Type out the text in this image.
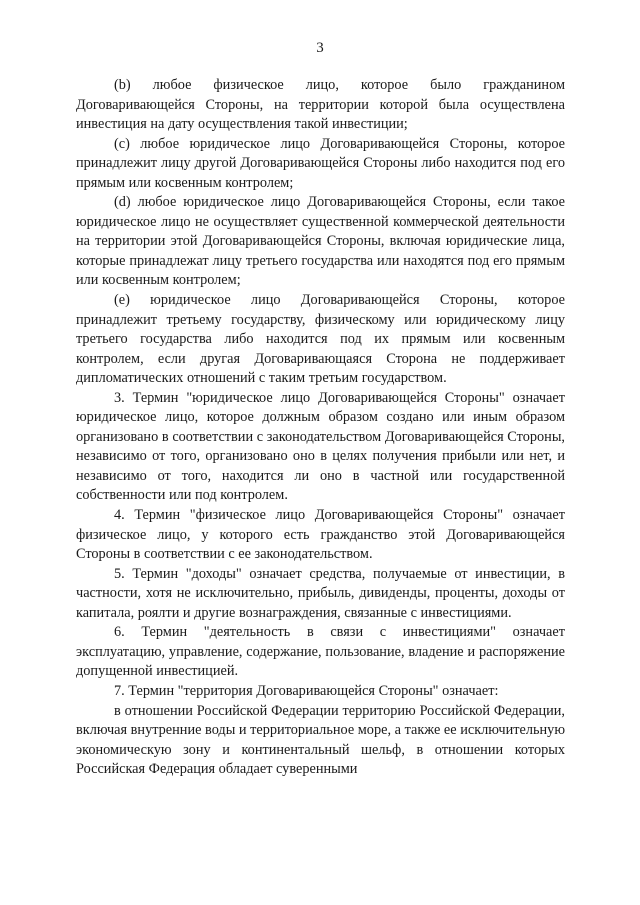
3

(b) любое физическое лицо, которое было гражданином Договаривающейся Стороны, на территории которой была осуществлена инвестиция на дату осуществления такой инвестиции;

(c) любое юридическое лицо Договаривающейся Стороны, которое принадлежит лицу другой Договаривающейся Стороны либо находится под его прямым или косвенным контролем;

(d) любое юридическое лицо Договаривающейся Стороны, если такое юридическое лицо не осуществляет существенной коммерческой деятельности на территории этой Договаривающейся Стороны, включая юридические лица, которые принадлежат лицу третьего государства или находятся под его прямым или косвенным контролем;

(e) юридическое лицо Договаривающейся Стороны, которое принадлежит третьему государству, физическому или юридическому лицу третьего государства либо находится под их прямым или косвенным контролем, если другая Договаривающаяся Сторона не поддерживает дипломатических отношений с таким третьим государством.

3. Термин "юридическое лицо Договаривающейся Стороны" означает юридическое лицо, которое должным образом создано или иным образом организовано в соответствии с законодательством Договаривающейся Стороны, независимо от того, организовано оно в целях получения прибыли или нет, и независимо от того, находится ли оно в частной или государственной собственности или под контролем.

4. Термин "физическое лицо Договаривающейся Стороны" означает физическое лицо, у которого есть гражданство этой Договаривающейся Стороны в соответствии с ее законодательством.

5. Термин "доходы" означает средства, получаемые от инвестиции, в частности, хотя не исключительно, прибыль, дивиденды, проценты, доходы от капитала, роялти и другие вознаграждения, связанные с инвестициями.

6. Термин "деятельность в связи с инвестициями" означает эксплуатацию, управление, содержание, пользование, владение и распоряжение допущенной инвестицией.

7. Термин "территория Договаривающейся Стороны" означает:

в отношении Российской Федерации территорию Российской Федерации, включая внутренние воды и территориальное море, а также ее исключительную экономическую зону и континентальный шельф, в отношении которых Российская Федерация обладает суверенными
